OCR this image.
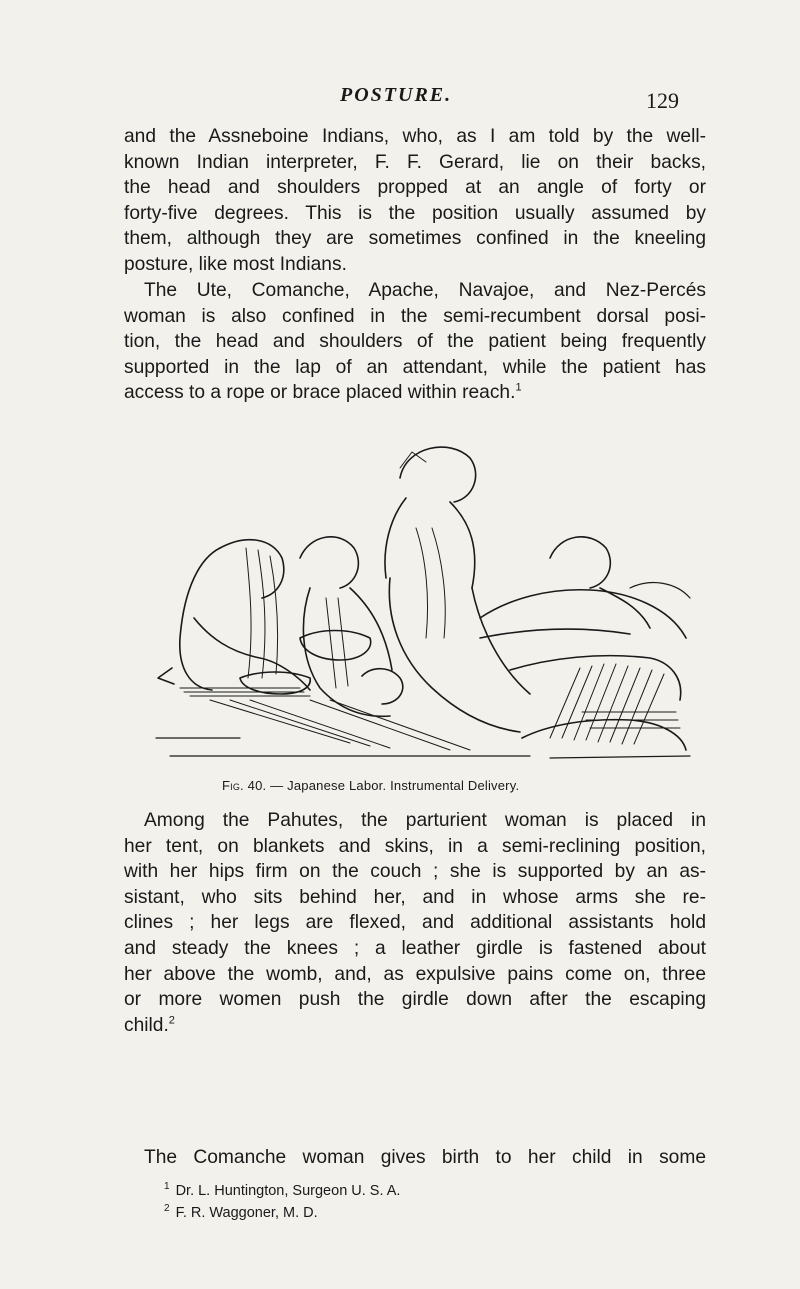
POSTURE.	129
and the Assneboine Indians, who, as I am told by the well-
known Indian interpreter, F. F. Gerard, lie on their backs,
the head and shoulders propped at an angle of forty or
forty-five degrees. This is the position usually assumed by
them, although they are sometimes confined in the kneeling
posture, like most Indians.
The Ute, Comanche, Apache, Navajoe, and Nez-Percés
woman is also confined in the semi-recumbent dorsal posi-
tion, the head and shoulders of the patient being frequently
supported in the lap of an attendant, while the patient has
access to a rope or brace placed within reach.$^1$
Fig. 40. — Japanese Labor. Instrumental Delivery.
Among the Pahutes, the parturient woman is placed in
her tent, on blankets and skins, in a semi-reclining position,
with her hips firm on the couch ; she is supported by an as-
sistant, who sits behind her, and in whose arms she re-
clines ; her legs are flexed, and additional assistants hold
and steady the knees ; a leather girdle is fastened about
her above the womb, and, as expulsive pains come on, three
or more women push the girdle down after the escaping
child.$^2$
The Comanche woman gives birth to her child in some
$^1$ Dr. L. Huntington, Surgeon U. S. A.
$^2$ F. R. Waggoner, M. D.
